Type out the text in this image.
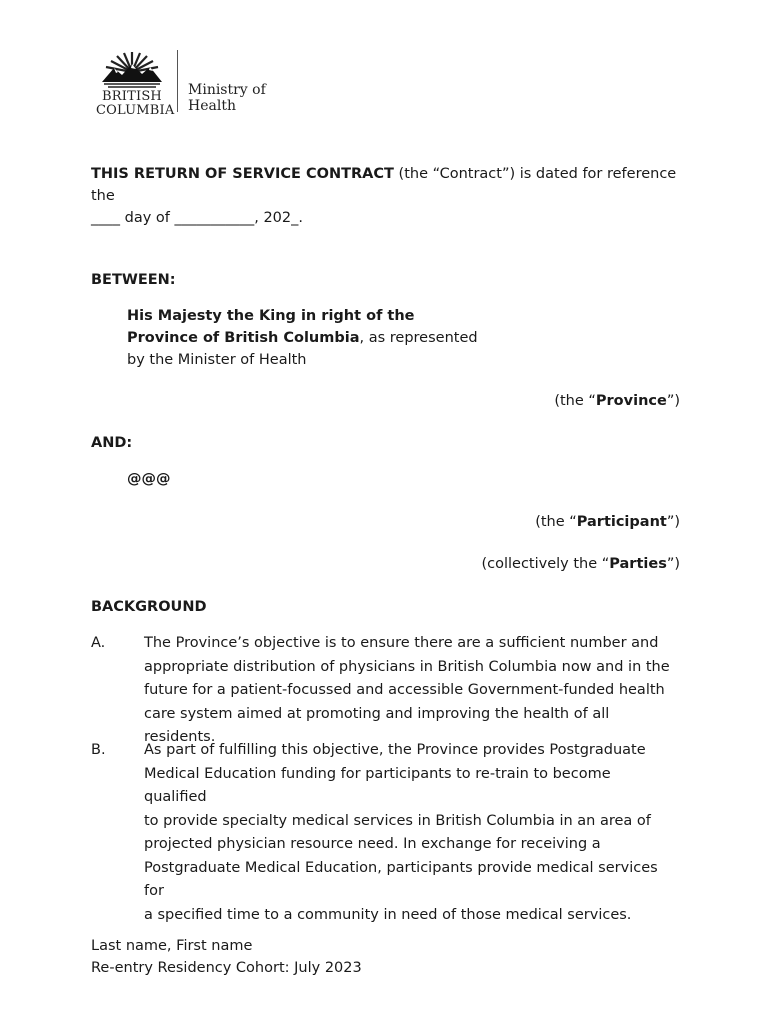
BRITISH
COLUMBIA
Ministry of
Health
THIS RETURN OF SERVICE CONTRACT (the “Contract”) is dated for reference the
____ day of ___________, 202_.
BETWEEN:
His Majesty the King in right of the
Province of British Columbia, as represented
by the Minister of Health
(the “Province”)
AND:
@@@
(the “Participant”)
(collectively the “Parties”)
BACKGROUND
A.	The Province’s objective is to ensure there are a sufficient number and
appropriate distribution of physicians in British Columbia now and in the
future for a patient-focussed and accessible Government-funded health
care system aimed at promoting and improving the health of all residents.
B.	As part of fulfilling this objective, the Province provides Postgraduate
Medical Education funding for participants to re-train to become qualified
to provide specialty medical services in British Columbia in an area of
projected physician resource need. In exchange for receiving a
Postgraduate Medical Education, participants provide medical services for
a specified time to a community in need of those medical services.
Last name, First name
Re-entry Residency Cohort: July 2023
